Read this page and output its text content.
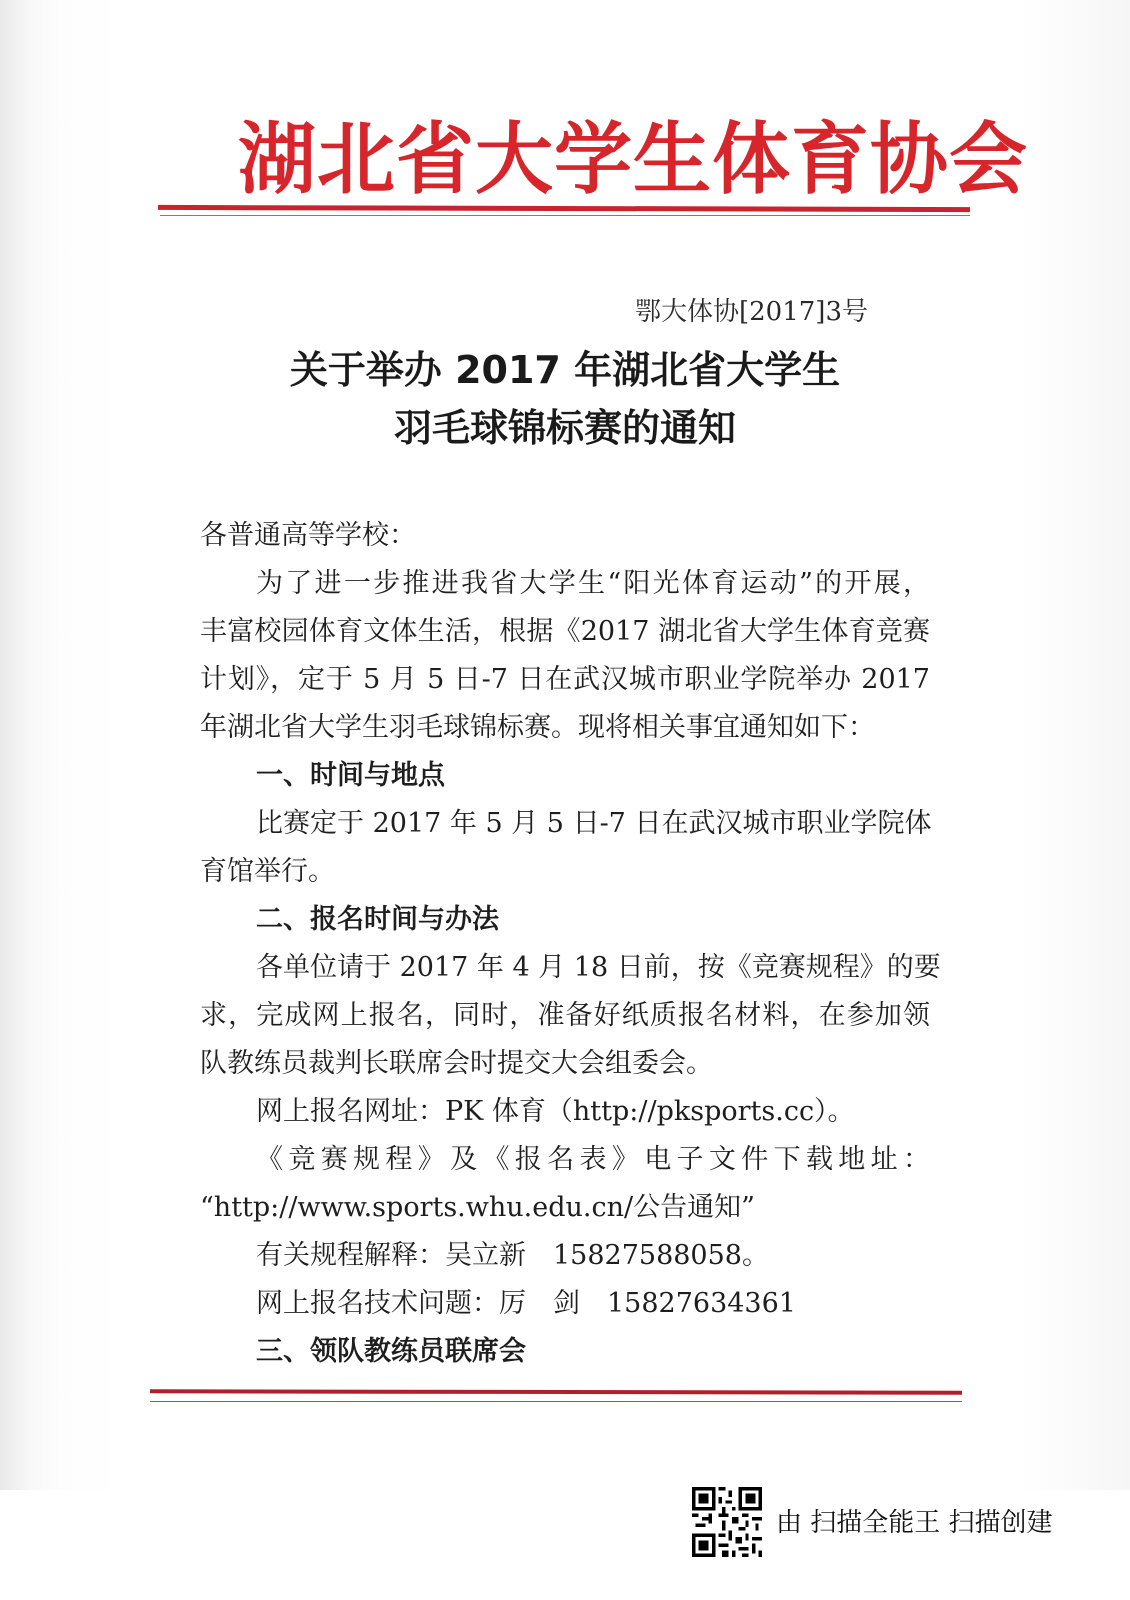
湖北省大学生体育协会

鄂大体协[2017]3号

关于举办 2017 年湖北省大学生

羽毛球锦标赛的通知

各普通高等学校：

为了进一步推进我省大学生“阳光体育运动”的开展，

丰富校园体育文体生活，根据《2017 湖北省大学生体育竞赛

计划》，定于 5 月 5 日-7 日在武汉城市职业学院举办 2017

年湖北省大学生羽毛球锦标赛。现将相关事宜通知如下：

一、时间与地点

比赛定于 2017 年 5 月 5 日-7 日在武汉城市职业学院体

育馆举行。

二、报名时间与办法

各单位请于 2017 年 4 月 18 日前，按《竞赛规程》的要

求，完成网上报名，同时，准备好纸质报名材料，在参加领

队教练员裁判长联席会时提交大会组委会。

网上报名网址：PK 体育（http://pksports.cc）。

《竞赛规程》及《报名表》电子文件下载地址：

“http://www.sports.whu.edu.cn/公告通知”

有关规程解释：吴立新　15827588058。

网上报名技术问题：厉　剑　15827634361

三、领队教练员联席会

由 扫描全能王 扫描创建
